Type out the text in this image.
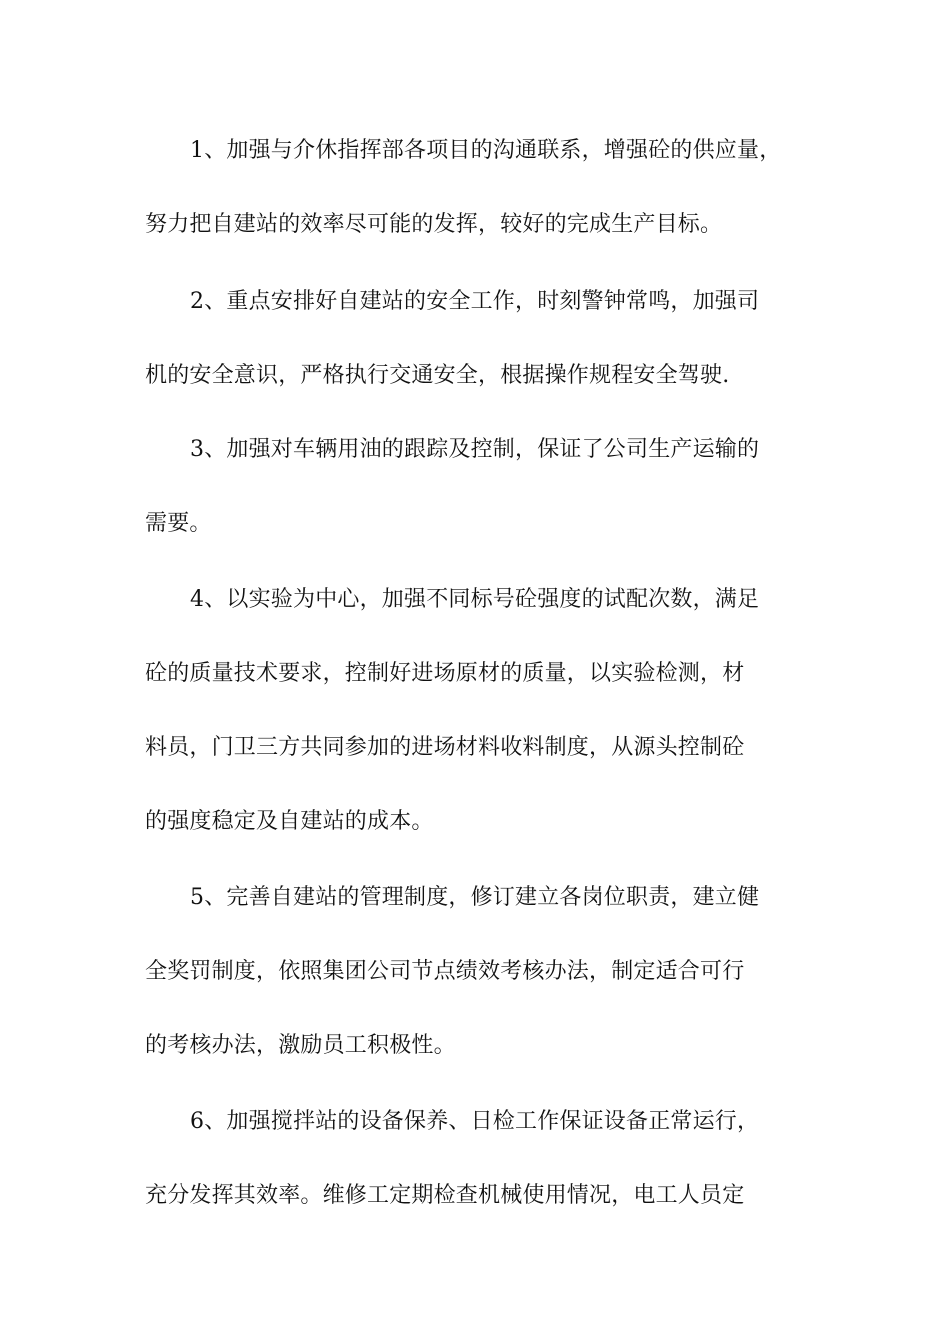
1、加强与介休指挥部各项目的沟通联系，增强砼的供应量，
努力把自建站的效率尽可能的发挥，较好的完成生产目标。
2、重点安排好自建站的安全工作，时刻警钟常鸣，加强司
机的安全意识，严格执行交通安全，根据操作规程安全驾驶.
3、加强对车辆用油的跟踪及控制，保证了公司生产运输的
需要。
4、以实验为中心，加强不同标号砼强度的试配次数，满足
砼的质量技术要求，控制好进场原材的质量，以实验检测，材
料员，门卫三方共同参加的进场材料收料制度，从源头控制砼
的强度稳定及自建站的成本。
5、完善自建站的管理制度，修订建立各岗位职责，建立健
全奖罚制度，依照集团公司节点绩效考核办法，制定适合可行
的考核办法，激励员工积极性。
6、加强搅拌站的设备保养、日检工作保证设备正常运行，
充分发挥其效率。维修工定期检查机械使用情况，电工人员定
